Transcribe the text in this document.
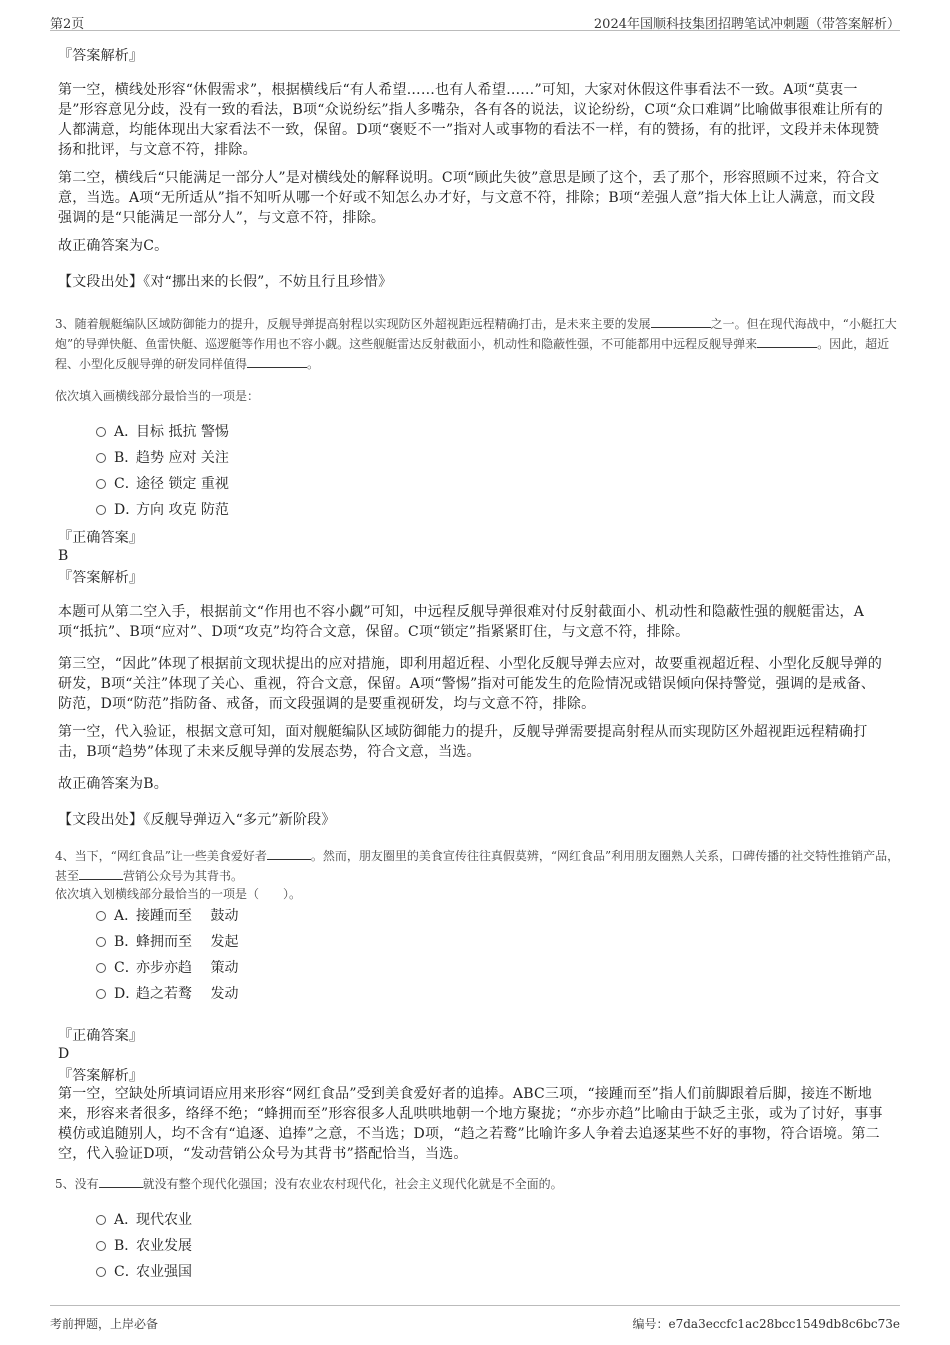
第2页	2024年国顺科技集团招聘笔试冲刺题（带答案解析）

『答案解析』

第一空，横线处形容“休假需求”，根据横线后“有人希望……也有人希望……”可知，大家对休假这件事看法不一致。A项“莫衷一是”形容意见分歧，没有一致的看法，B项“众说纷纭”指人多嘴杂，各有各的说法，议论纷纷，C项“众口难调”比喻做事很难让所有的人都满意，均能体现出大家看法不一致，保留。D项“褒贬不一”指对人或事物的看法不一样，有的赞扬，有的批评，文段并未体现赞扬和批评，与文意不符，排除。

第二空，横线后“只能满足一部分人”是对横线处的解释说明。C项“顾此失彼”意思是顾了这个，丢了那个，形容照顾不过来，符合文意，当选。A项“无所适从”指不知听从哪一个好或不知怎么办才好，与文意不符，排除；B项“差强人意”指大体上让人满意，而文段强调的是“只能满足一部分人”，与文意不符，排除。

故正确答案为C。

【文段出处】《对“挪出来的长假”，不妨且行且珍惜》

3、随着舰艇编队区域防御能力的提升，反舰导弹提高射程以实现防区外超视距远程精确打击，是未来主要的发展	之一。但在现代海战中，“小艇扛大炮”的导弹快艇、鱼雷快艇、巡逻艇等作用也不容小觑。这些舰艇雷达反射截面小，机动性和隐蔽性强，不可能都用中远程反舰导弹来	。因此，超近程、小型化反舰导弹的研发同样值得	。

依次填入画横线部分最恰当的一项是：

A．目标 抵抗 警惕
B．趋势 应对 关注
C．途径 锁定 重视
D．方向 攻克 防范

『正确答案』

B

『答案解析』

本题可从第二空入手，根据前文“作用也不容小觑”可知，中远程反舰导弹很难对付反射截面小、机动性和隐蔽性强的舰艇雷达，A项“抵抗”、B项“应对”、D项“攻克”均符合文意，保留。C项“锁定”指紧紧盯住，与文意不符，排除。

第三空，“因此”体现了根据前文现状提出的应对措施，即利用超近程、小型化反舰导弹去应对，故要重视超近程、小型化反舰导弹的研发，B项“关注”体现了关心、重视，符合文意，保留。A项“警惕”指对可能发生的危险情况或错误倾向保持警觉，强调的是戒备、防范，D项“防范”指防备、戒备，而文段强调的是要重视研发，均与文意不符，排除。

第一空，代入验证，根据文意可知，面对舰艇编队区域防御能力的提升，反舰导弹需要提高射程从而实现防区外超视距远程精确打击，B项“趋势”体现了未来反舰导弹的发展态势，符合文意，当选。

故正确答案为B。

【文段出处】《反舰导弹迈入“多元”新阶段》

4、当下，“网红食品”让一些美食爱好者	。然而，朋友圈里的美食宣传往往真假莫辨，“网红食品”利用朋友圈熟人关系，口碑传播的社交特性推销产品，甚至	营销公众号为其背书。

依次填入划横线部分最恰当的一项是（　　）。

A．接踵而至　 鼓动
B．蜂拥而至　 发起
C．亦步亦趋　 策动
D．趋之若鹜　 发动

『正确答案』

D

『答案解析』

第一空，空缺处所填词语应用来形容“网红食品”受到美食爱好者的追捧。ABC三项，“接踵而至”指人们前脚跟着后脚，接连不断地来，形容来者很多，络绎不绝；“蜂拥而至”形容很多人乱哄哄地朝一个地方聚拢；“亦步亦趋”比喻由于缺乏主张，或为了讨好，事事模仿或追随别人，均不含有“追逐、追捧”之意，不当选；D项，“趋之若鹜”比喻许多人争着去追逐某些不好的事物，符合语境。第二空，代入验证D项，“发动营销公众号为其背书”搭配恰当，当选。

5、没有	就没有整个现代化强国；没有农业农村现代化，社会主义现代化就是不全面的。

A．现代农业
B．农业发展
C．农业强国
考前押题，上岸必备	编号：e7da3eccfc1ac28bcc1549db8c6bc73e
